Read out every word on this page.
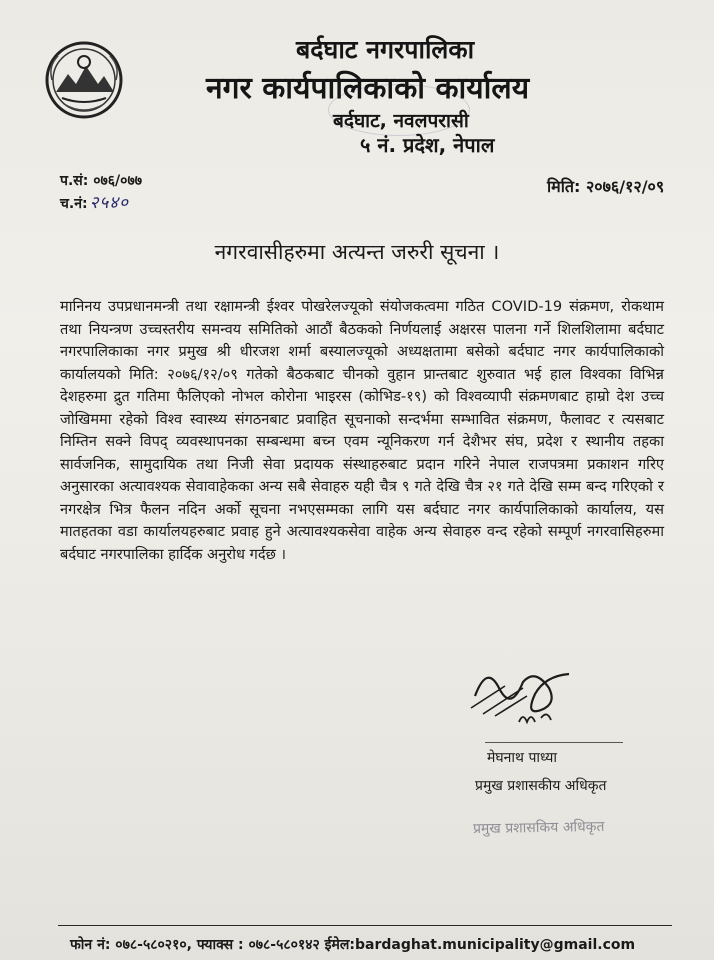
बर्दघाट नगरपालिका
नगर कार्यपालिकाको कार्यालय
बर्दघाट, नवलपरासी
५ नं. प्रदेश, नेपाल
प.सं: ०७६/०७७
च.नं: २५४०
मिति: २०७६/१२/०९
नगरवासीहरुमा अत्यन्त जरुरी सूचना ।
मानिनय उपप्रधानमन्त्री तथा रक्षामन्त्री ईश्वर पोखरेलज्यूको संयोजकत्वमा गठित COVID-19 संक्रमण, रोकथाम तथा नियन्त्रण उच्चस्तरीय समन्वय समितिको आठौं बैठकको निर्णयलाई अक्षरस पालना गर्ने शिलशिलामा बर्दघाट नगरपालिकाका नगर प्रमुख श्री धीरजश शर्मा बस्यालज्यूको अध्यक्षतामा बसेको बर्दघाट नगर कार्यपालिकाको कार्यालयको मिति: २०७६/१२/०९ गतेको बैठकबाट चीनको वुहान प्रान्तबाट शुरुवात भई हाल विश्वका विभिन्न देशहरुमा द्रुत गतिमा फैलिएको नोभल कोरोना भाइरस (कोभिड-१९) को विश्वव्यापी संक्रमणबाट हाम्रो देश उच्च जोखिममा रहेको विश्व स्वास्थ्य संगठनबाट प्रवाहित सूचनाको सन्दर्भमा सम्भावित संक्रमण, फैलावट र त्यसबाट निम्तिन सक्ने विपद् व्यवस्थापनका सम्बन्धमा बच्न एवम न्यूनिकरण गर्न देशैभर संघ, प्रदेश र स्थानीय तहका सार्वजनिक, सामुदायिक तथा निजी सेवा प्रदायक संस्थाहरुबाट प्रदान गरिने नेपाल राजपत्रमा प्रकाशन गरिए अनुसारका अत्यावश्यक सेवावाहेकका अन्य सबै सेवाहरु यही चैत्र ९ गते देखि चैत्र २१ गते देखि सम्म बन्द गरिएको र नगरक्षेत्र भित्र फैलन नदिन अर्को सूचना नभएसम्मका लागि यस बर्दघाट नगर कार्यपालिकाको कार्यालय, यस मातहतका वडा कार्यालयहरुबाट प्रवाह हुने अत्यावश्यकसेवा वाहेक अन्य सेवाहरु वन्द रहेको सम्पूर्ण नगरवासिहरुमा बर्दघाट नगरपालिका हार्दिक अनुरोध गर्दछ ।
मेघनाथ पाध्या
प्रमुख प्रशासकीय अधिकृत
प्रमुख प्रशासकिय अधिकृत
फोन नं: ०७८-५८०२१०, फ्याक्स : ०७८-५८०१४२ ईमेल:bardaghat.municipality@gmail.com
